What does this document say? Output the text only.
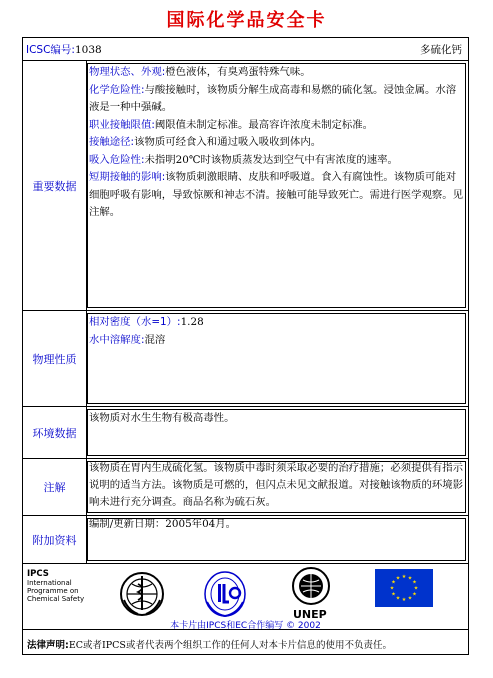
国际化学品安全卡
ICSC编号:1038	多硫化钙
重要数据
物理状态、外观:橙色液体，有臭鸡蛋特殊气味。
化学危险性:与酸接触时，该物质分解生成高毒和易燃的硫化氢。浸蚀金属。水溶液是一种中强碱。
职业接触限值:阈限值未制定标准。最高容许浓度未制定标准。
接触途径:该物质可经食入和通过吸入吸收到体内。
吸入危险性:未指明20℃时该物质蒸发达到空气中有害浓度的速率。
短期接触的影响:该物质刺激眼睛、皮肤和呼吸道。食入有腐蚀性。该物质可能对细胞呼吸有影响，导致惊厥和神志不清。接触可能导致死亡。需进行医学观察。见注解。
物理性质
相对密度（水=1）:1.28
水中溶解度:混溶
环境数据
该物质对水生生物有极高毒性。
注解
该物质在胃内生成硫化氢。该物质中毒时须采取必要的治疗措施；必须提供有指示说明的适当方法。该物质是可燃的，但闪点未见文献报道。对接触该物质的环境影响未进行充分调查。商品名称为硫石灰。
附加资料
编制/更新日期：2005年04月。
IPCS
International
Programme on
Chemical Safety
UNEP
★ ★
★
★
★
★
★
★
★
★
★
★
本卡片由IPCS和EC合作编写 © 2002
法律声明:EC或者IPCS或者代表两个组织工作的任何人对本卡片信息的使用不负责任。
